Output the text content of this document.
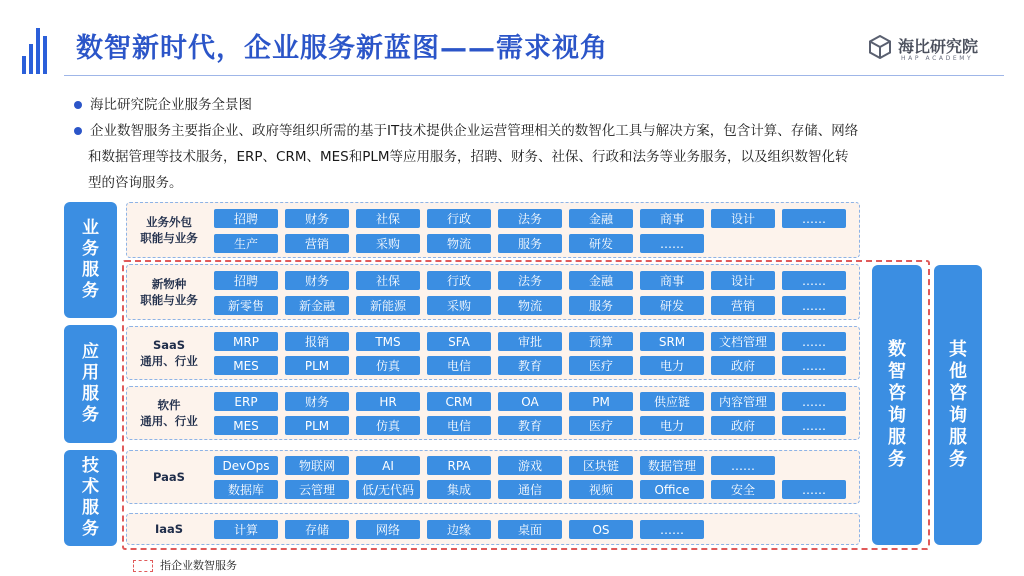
数智新时代，企业服务新蓝图——需求视角	海比研究院
HAP ACADEMY
海比研究院企业服务全景图
企业数智服务主要指企业、政府等组织所需的基于IT技术提供企业运营管理相关的数智化工具与解决方案，包含计算、存储、网络
和数据管理等技术服务，ERP、CRM、MES和PLM等应用服务，招聘、财务、社保、行政和法务等业务服务，以及组织数智化转
型的咨询服务。
业务服务
应用服务
技术服务
业务外包
职能与业务
招聘	财务	社保	行政	法务	金融	商事	设计	……
生产	营销	采购	物流	服务	研发	……
新物种
职能与业务
招聘	财务	社保	行政	法务	金融	商事	设计	……
新零售	新金融	新能源	采购	物流	服务	研发	营销	……
SaaS
通用、行业
MRP	报销	TMS	SFA	审批	预算	SRM	文档管理	……
MES	PLM	仿真	电信	教育	医疗	电力	政府	……
软件
通用、行业
ERP	财务	HR	CRM	OA	PM	供应链	内容管理	……
MES	PLM	仿真	电信	教育	医疗	电力	政府	……
PaaS
DevOps	物联网	AI	RPA	游戏	区块链	数据管理	……
数据库	云管理	低/无代码	集成	通信	视频	Office	安全	……
IaaS	计算	存储	网络	边缘	桌面	OS	……
数智咨询服务
其他咨询服务
指企业数智服务
